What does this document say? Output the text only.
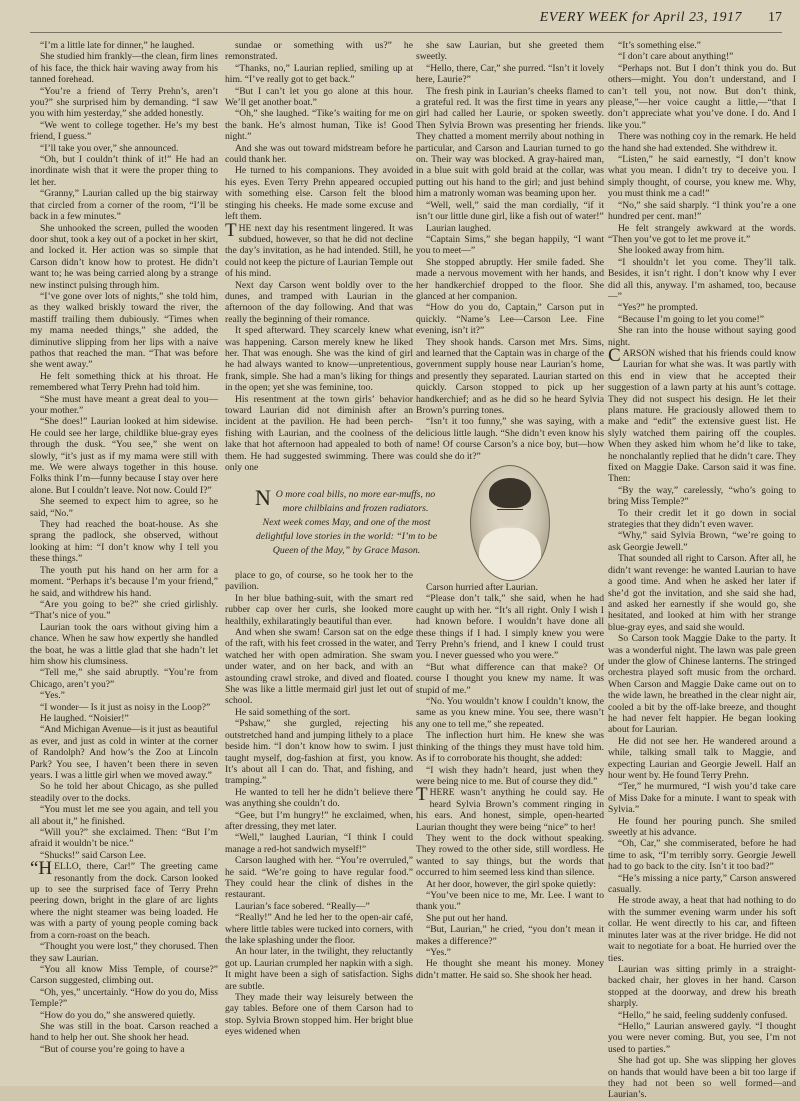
EVERY WEEK for April 23, 1917 17

“I’m a little late for dinner,” he laughed.

She studied him frankly—the clean, firm lines of his face, the thick hair waving away from his tanned forehead.

“You’re a friend of Terry Prehn’s, aren’t you?” she surprised him by demanding. “I saw you with him yesterday,” she added honestly.

“We went to college together. He’s my best friend, I guess.”

“I’ll take you over,” she announced.

“Oh, but I couldn’t think of it!” He had an inordinate wish that it were the proper thing to let her.

“Granny,” Laurian called up the big stairway that circled from a corner of the room, “I’ll be back in a few minutes.”

She unhooked the screen, pulled the wooden door shut, took a key out of a pocket in her skirt, and locked it. Her action was so simple that Carson didn’t know how to protest. He didn’t want to; he was being carried along by a strange new instinct pulsing through him.

“I’ve gone over lots of nights,” she told him, as they walked briskly toward the river, the mastiff trailing them dubiously. “Times when my mama needed things,” she added, the diminutive slipping from her lips with a naive pathos that reached the man. “That was before she went away.”

He felt something thick at his throat. He remembered what Terry Prehn had told him.

“She must have meant a great deal to you—your mother.”

“She does!” Laurian looked at him sidewise. He could see her large, childlike blue-gray eyes through the dusk. “You see,” she went on slowly, “it’s just as if my mama were still with me. We were always together in this house. Folks think I’m—funny because I stay over here alone. But I couldn’t leave. Not now. Could I?”

She seemed to expect him to agree, so he said, “No.”

They had reached the boat-house. As she sprang the padlock, she observed, without looking at him: “I don’t know why I tell you these things.”

The youth put his hand on her arm for a moment. “Perhaps it’s because I’m your friend,” he said, and withdrew his hand.

“Are you going to be?” she cried girlishly. “That’s nice of you.”

Laurian took the oars without giving him a chance. When he saw how expertly she handled the boat, he was a little glad that she hadn’t let him show his clumsiness.

“Tell me,” she said abruptly. “You’re from Chicago, aren’t you?”

“Yes.”

“I wonder— Is it just as noisy in the Loop?”

He laughed. “Noisier!”

“And Michigan Avenue—is it just as beautiful as ever, and just as cold in winter at the corner of Randolph? And how’s the Zoo at Lincoln Park? You see, I haven’t been there in seven years. I was a little girl when we moved away.”

So he told her about Chicago, as she pulled steadily over to the docks.

“You must let me see you again, and tell you all about it,” he finished.

“Will you?” she exclaimed. Then: “But I’m afraid it wouldn’t be nice.”

“Shucks!” said Carson Lee.

“HELLO, there, Car!” The greeting came resonantly from the dock. Carson looked up to see the surprised face of Terry Prehn peering down, bright in the glare of arc lights where the night steamer was being loaded. He was with a party of young people coming back from a corn-roast on the beach.

“Thought you were lost,” they chorused. Then they saw Laurian.

“You all know Miss Temple, of course?” Carson suggested, climbing out.

“Oh, yes,” uncertainly. “How do you do, Miss Temple?”

“How do you do,” she answered quietly.

She was still in the boat. Carson reached a hand to help her out. She shook her head.

“But of course you’re going to have a

sundae or something with us?” he remonstrated.

“Thanks, no,” Laurian replied, smiling up at him. “I’ve really got to get back.”

“But I can’t let you go alone at this hour. We’ll get another boat.”

“Oh,” she laughed. “Tike’s waiting for me on the bank. He’s almost human, Tike is! Good night.”

And she was out toward midstream before he could thank her.

He turned to his companions. They avoided his eyes. Even Terry Prehn appeared occupied with something else. Carson felt the blood stinging his cheeks. He made some excuse and left them.

THE next day his resentment lingered. It was subdued, however, so that he did not decline the day’s invitation, as he had intended. Still, he could not keep the picture of Laurian Temple out of his mind.

Next day Carson went boldly over to the dunes, and tramped with Laurian in the afternoon of the day following. And that was really the beginning of their romance.

It sped afterward. They scarcely knew what was happening. Carson merely knew he liked her. That was enough. She was the kind of girl he had always wanted to know—unpretentious, frank, simple. She had a man’s liking for things in the open; yet she was feminine, too.

His resentment at the town girls’ behavior toward Laurian did not diminish after an incident at the pavilion. He had been perch-fishing with Laurian, and the coolness of the lake that hot afternoon had appealed to both of them. He had suggested swimming. There was only one

she saw Laurian, but she greeted them sweetly.

“Hello, there, Car,” she purred. “Isn’t it lovely here, Laurie?”

The fresh pink in Laurian’s cheeks flamed to a grateful red. It was the first time in years any girl had called her Laurie, or spoken sweetly. Then Sylvia Brown was presenting her friends. They chatted a moment merrily about nothing in particular, and Carson and Laurian turned to go on. Their way was blocked. A gray-haired man, in a blue suit with gold braid at the collar, was putting out his hand to the girl; and just behind him a matronly woman was beaming upon her.

“Well, well,” said the man cordially, “if it isn’t our little dune girl, like a fish out of water!”

Laurian laughed.

“Captain Sims,” she began happily, “I want you to meet—”

She stopped abruptly. Her smile faded. She made a nervous movement with her hands, and her handkerchief dropped to the floor. She glanced at her companion.

“How do you do, Captain,” Carson put in quickly. “Name’s Lee—Carson Lee. Fine evening, isn’t it?”

They shook hands. Carson met Mrs. Sims, and learned that the Captain was in charge of the government supply house near Laurian’s home, and presently they separated. Laurian started on quickly. Carson stopped to pick up her handkerchief; and as he did so he heard Sylvia Brown’s purring tones.

“Isn’t it too funny,” she was saying, with a delicious little laugh. “She didn’t even know his name! Of course Carson’s a nice boy, but—how could she do it?”

“It’s something else.”

“I don’t care about anything!”

“Perhaps not. But I don’t think you do. But others—might. You don’t understand, and I can’t tell you, not now. But don’t think, please,”—her voice caught a little,—“that I don’t appreciate what you’ve done. I do. And I like you.”

There was nothing coy in the remark. He held the hand she had extended. She withdrew it.

“Listen,” he said earnestly, “I don’t know what you mean. I didn’t try to deceive you. I simply thought, of course, you knew me. Why, you must think me a cad!”

“No,” she said sharply. “I think you’re a one hundred per cent. man!”

He felt strangely awkward at the words. “Then you’ve got to let me prove it.”

She looked away from him.

“I shouldn’t let you come. They’ll talk. Besides, it isn’t right. I don’t know why I ever did all this, anyway. I’m ashamed, too, because—”

“Yes?” he prompted.

“Because I’m going to let you come!”

She ran into the house without saying good night.

CARSON wished that his friends could know Laurian for what she was. It was partly with this end in view that he accepted their suggestion of a lawn party at his aunt’s cottage. They did not suspect his design. He let their plans mature. He graciously allowed them to make and “edit” the extensive guest list. He slyly watched them pairing off the couples. When they asked him whom he’d like to take, he nonchalantly replied that he didn’t care. They fixed on Maggie Dake. Carson said it was fine. Then:

“By the way,” carelessly, “who’s going to bring Miss Temple?”

To their credit let it go down in social strategies that they didn’t even waver.

“Why,” said Sylvia Brown, “we’re going to ask Georgie Jewell.”

That sounded all right to Carson. After all, he didn’t want revenge: he wanted Laurian to have a good time. And when he asked her later if she’d got the invitation, and she said she had, and asked her earnestly if she would go, she hesitated, and looked at him with her strange blue-gray eyes, and said she would.

So Carson took Maggie Dake to the party. It was a wonderful night. The lawn was pale green under the glow of Chinese lanterns. The stringed orchestra played soft music from the orchard. When Carson and Maggie Dake came out on to the wide lawn, he breathed in the clear night air, cooled a bit by the off-lake breeze, and thought he had never felt happier. He began looking about for Laurian.

He did not see her. He wandered around a while, talking small talk to Maggie, and expecting Laurian and Georgie Jewell. Half an hour went by. He found Terry Prehn.

“Ter,” he murmured, “I wish you’d take care of Miss Dake for a minute. I want to speak with Sylvia.”

He found her pouring punch. She smiled sweetly at his advance.

“Oh, Car,” she commiserated, before he had time to ask, “I’m terribly sorry. Georgie Jewell had to go back to the city. Isn’t it too bad?”

“He’s missing a nice party,” Carson answered casually.

He strode away, a heat that had nothing to do with the summer evening warm under his soft collar. He went directly to his car, and fifteen minutes later was at the river bridge. He did not wait to negotiate for a boat. He hurried over the ties.

Laurian was sitting primly in a straight-backed chair, her gloves in her hand. Carson stopped at the doorway, and drew his breath sharply.

“Hello,” he said, feeling suddenly confused.

“Hello,” Laurian answered gayly. “I thought you were never coming. But, you see, I’m not used to parties.”

She had got up. She was slipping her gloves on hands that would have been a bit too large if they had not been so well formed—and Laurian’s.

place to go, of course, so he took her to the pavilion.

In her blue bathing-suit, with the smart red rubber cap over her curls, she looked more healthily, exhilaratingly beautiful than ever.

And when she swam! Carson sat on the edge of the raft, with his feet crossed in the water, and watched her with open admiration. She swam under water, and on her back, and with an astounding crawl stroke, and dived and floated. She was like a little mermaid girl just let out of school.

He said something of the sort.

“Pshaw,” she gurgled, rejecting his outstretched hand and jumping lithely to a place beside him. “I don’t know how to swim. I just taught myself, dog-fashion at first, you know. It’s about all I can do. That, and fishing, and tramping.”

He wanted to tell her he didn’t believe there was anything she couldn’t do.

“Gee, but I’m hungry!” he exclaimed, when, after dressing, they met later.

“Well,” laughed Laurian, “I think I could manage a red-hot sandwich myself!”

Carson laughed with her. “You’re overruled,” he said. “We’re going to have regular food.” They could hear the clink of dishes in the restaurant.

Laurian’s face sobered. “Really—”

“Really!” And he led her to the open-air café, where little tables were tucked into corners, with the lake splashing under the floor.

An hour later, in the twilight, they reluctantly got up. Laurian crumpled her napkin with a sigh. It might have been a sigh of satisfaction. Sighs are subtle.

They made their way leisurely between the gay tables. Before one of them Carson had to stop. Sylvia Brown stopped him. Her bright blue eyes widened when

Carson hurried after Laurian.

“Please don’t talk,” she said, when he had caught up with her. “It’s all right. Only I wish I had known before. I wouldn’t have done all these things if I had. I simply knew you were Terry Prehn’s friend, and I knew I could trust you. I never guessed who you were.”

“But what difference can that make? Of course I thought you knew my name. It was stupid of me.”

“No. You wouldn’t know I couldn’t know, the same as you knew mine. You see, there wasn’t any one to tell me,” she repeated.

The inflection hurt him. He knew she was thinking of the things they must have told him. As if to corroborate his thought, she added:

“I wish they hadn’t heard, just when they were being nice to me. But of course they did.”

THERE wasn’t anything he could say. He heard Sylvia Brown’s comment ringing in his ears. And honest, simple, open-hearted Laurian thought they were being “nice” to her!

They went to the dock without speaking. They rowed to the other side, still wordless. He wanted to say things, but the words that occurred to him seemed less kind than silence.

At her door, however, the girl spoke quietly:

“You’ve been nice to me, Mr. Lee. I want to thank you.”

She put out her hand.

“But, Laurian,” he cried, “you don’t mean it makes a difference?”

“Yes.”

He thought she meant his money. Money didn’t matter. He said so. She shook her head.

NO more coal bills, no more ear-muffs, no more chilblains and frozen radiators. Next week comes May, and one of the most delightful love stories in the world: “I’m to be Queen of the May,” by Grace Mason.
